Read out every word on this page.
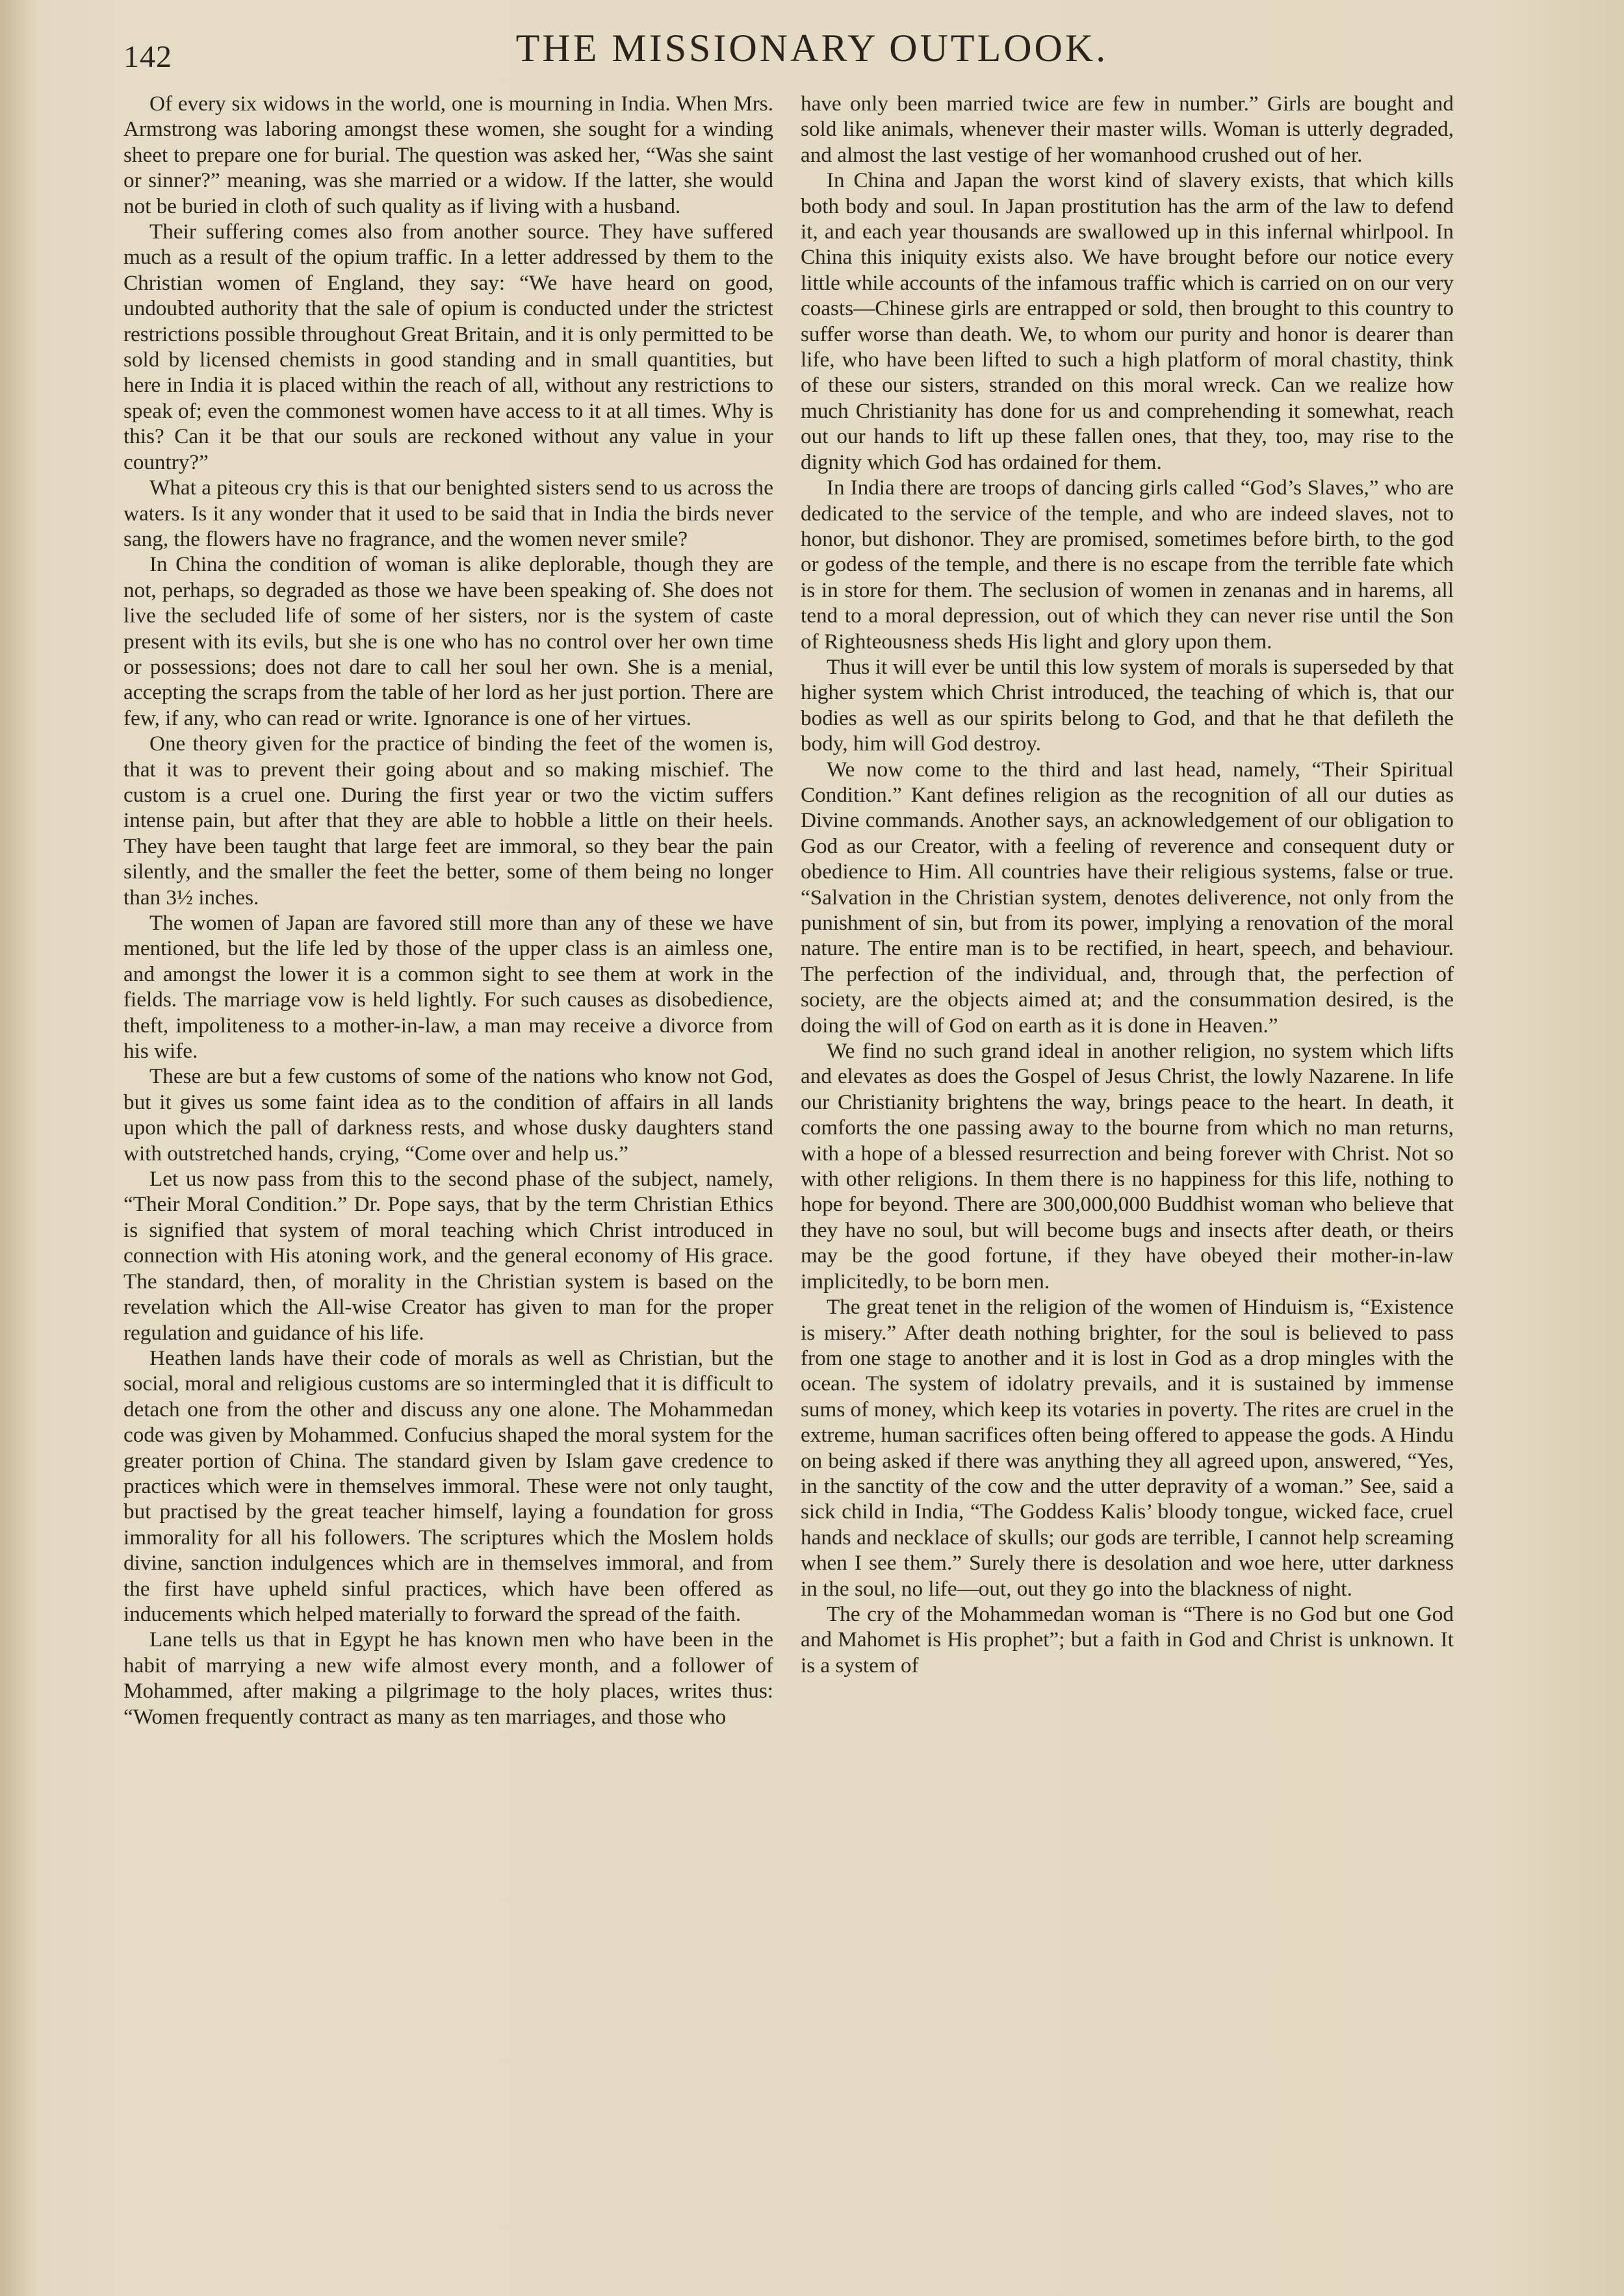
142	THE MISSIONARY OUTLOOK.

Of every six widows in the world, one is mourning in India. When Mrs. Armstrong was laboring amongst these women, she sought for a winding sheet to prepare one for burial. The question was asked her, “Was she saint or sinner?” meaning, was she married or a widow. If the latter, she would not be buried in cloth of such quality as if living with a husband.

Their suffering comes also from another source. They have suffered much as a result of the opium traffic. In a letter addressed by them to the Christian women of England, they say: “We have heard on good, undoubted authority that the sale of opium is conducted under the strictest restrictions possible throughout Great Britain, and it is only permitted to be sold by licensed chemists in good standing and in small quantities, but here in India it is placed within the reach of all, without any restrictions to speak of; even the commonest women have access to it at all times. Why is this? Can it be that our souls are reckoned without any value in your country?”

What a piteous cry this is that our benighted sisters send to us across the waters. Is it any wonder that it used to be said that in India the birds never sang, the flowers have no fragrance, and the women never smile?

In China the condition of woman is alike deplorable, though they are not, perhaps, so degraded as those we have been speaking of. She does not live the secluded life of some of her sisters, nor is the system of caste present with its evils, but she is one who has no control over her own time or possessions; does not dare to call her soul her own. She is a menial, accepting the scraps from the table of her lord as her just portion. There are few, if any, who can read or write. Ignorance is one of her virtues.

One theory given for the practice of binding the feet of the women is, that it was to prevent their going about and so making mischief. The custom is a cruel one. During the first year or two the victim suffers intense pain, but after that they are able to hobble a little on their heels. They have been taught that large feet are immoral, so they bear the pain silently, and the smaller the feet the better, some of them being no longer than 3½ inches.

The women of Japan are favored still more than any of these we have mentioned, but the life led by those of the upper class is an aimless one, and amongst the lower it is a common sight to see them at work in the fields. The marriage vow is held lightly. For such causes as disobedience, theft, impoliteness to a mother-in-law, a man may receive a divorce from his wife.

These are but a few customs of some of the nations who know not God, but it gives us some faint idea as to the condition of affairs in all lands upon which the pall of darkness rests, and whose dusky daughters stand with outstretched hands, crying, “Come over and help us.”

Let us now pass from this to the second phase of the subject, namely, “Their Moral Condition.” Dr. Pope says, that by the term Christian Ethics is signified that system of moral teaching which Christ introduced in connection with His atoning work, and the general economy of His grace. The standard, then, of morality in the Christian system is based on the revelation which the All-wise Creator has given to man for the proper regulation and guidance of his life.

Heathen lands have their code of morals as well as Christian, but the social, moral and religious customs are so intermingled that it is difficult to detach one from the other and discuss any one alone. The Mohammedan code was given by Mohammed. Confucius shaped the moral system for the greater portion of China. The standard given by Islam gave credence to practices which were in themselves immoral. These were not only taught, but practised by the great teacher himself, laying a foundation for gross immorality for all his followers. The scriptures which the Moslem holds divine, sanction indulgences which are in themselves immoral, and from the first have upheld sinful practices, which have been offered as inducements which helped materially to forward the spread of the faith.

Lane tells us that in Egypt he has known men who have been in the habit of marrying a new wife almost every month, and a follower of Mohammed, after making a pilgrimage to the holy places, writes thus: “Women frequently contract as many as ten marriages, and those who

have only been married twice are few in number.” Girls are bought and sold like animals, whenever their master wills. Woman is utterly degraded, and almost the last vestige of her womanhood crushed out of her.

In China and Japan the worst kind of slavery exists, that which kills both body and soul. In Japan prostitution has the arm of the law to defend it, and each year thousands are swallowed up in this infernal whirlpool. In China this iniquity exists also. We have brought before our notice every little while accounts of the infamous traffic which is carried on on our very coasts—Chinese girls are entrapped or sold, then brought to this country to suffer worse than death. We, to whom our purity and honor is dearer than life, who have been lifted to such a high platform of moral chastity, think of these our sisters, stranded on this moral wreck. Can we realize how much Christianity has done for us and comprehending it somewhat, reach out our hands to lift up these fallen ones, that they, too, may rise to the dignity which God has ordained for them.

In India there are troops of dancing girls called “God’s Slaves,” who are dedicated to the service of the temple, and who are indeed slaves, not to honor, but dishonor. They are promised, sometimes before birth, to the god or godess of the temple, and there is no escape from the terrible fate which is in store for them. The seclusion of women in zenanas and in harems, all tend to a moral depression, out of which they can never rise until the Son of Righteousness sheds His light and glory upon them.

Thus it will ever be until this low system of morals is superseded by that higher system which Christ introduced, the teaching of which is, that our bodies as well as our spirits belong to God, and that he that defileth the body, him will God destroy.

We now come to the third and last head, namely, “Their Spiritual Condition.” Kant defines religion as the recognition of all our duties as Divine commands. Another says, an acknowledgement of our obligation to God as our Creator, with a feeling of reverence and consequent duty or obedience to Him. All countries have their religious systems, false or true. “Salvation in the Christian system, denotes deliverence, not only from the punishment of sin, but from its power, implying a renovation of the moral nature. The entire man is to be rectified, in heart, speech, and behaviour. The perfection of the individual, and, through that, the perfection of society, are the objects aimed at; and the consummation desired, is the doing the will of God on earth as it is done in Heaven.”

We find no such grand ideal in another religion, no system which lifts and elevates as does the Gospel of Jesus Christ, the lowly Nazarene. In life our Christianity brightens the way, brings peace to the heart. In death, it comforts the one passing away to the bourne from which no man returns, with a hope of a blessed resurrection and being forever with Christ. Not so with other religions. In them there is no happiness for this life, nothing to hope for beyond. There are 300,000,000 Buddhist woman who believe that they have no soul, but will become bugs and insects after death, or theirs may be the good fortune, if they have obeyed their mother-in-law implicitedly, to be born men.

The great tenet in the religion of the women of Hinduism is, “Existence is misery.” After death nothing brighter, for the soul is believed to pass from one stage to another and it is lost in God as a drop mingles with the ocean. The system of idolatry prevails, and it is sustained by immense sums of money, which keep its votaries in poverty. The rites are cruel in the extreme, human sacrifices often being offered to appease the gods. A Hindu on being asked if there was anything they all agreed upon, answered, “Yes, in the sanctity of the cow and the utter depravity of a woman.” See, said a sick child in India, “The Goddess Kalis’ bloody tongue, wicked face, cruel hands and necklace of skulls; our gods are terrible, I cannot help screaming when I see them.” Surely there is desolation and woe here, utter darkness in the soul, no life—out, out they go into the blackness of night.

The cry of the Mohammedan woman is “There is no God but one God and Mahomet is His prophet”; but a faith in God and Christ is unknown. It is a system of
